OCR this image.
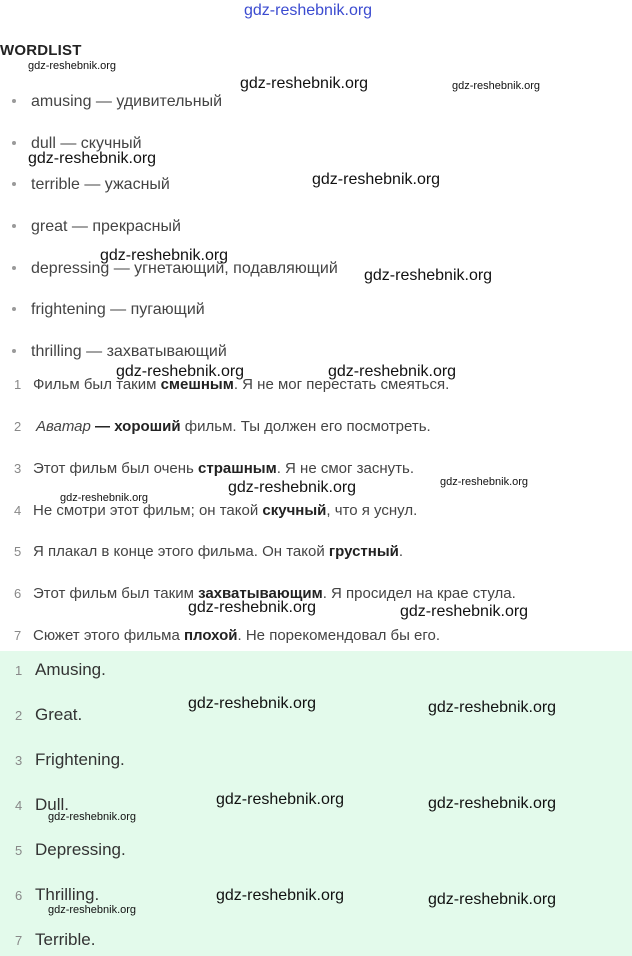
gdz-reshebnik.org
WORDLIST
amusing — удивительный
dull — скучный
terrible — ужасный
great — прекрасный
depressing — угнетающий, подавляющий
frightening — пугающий
thrilling — захватывающий
1 Фильм был таким смешным. Я не мог перестать смеяться.
2 Аватар — хороший фильм. Ты должен его посмотреть.
3 Этот фильм был очень страшным. Я не смог заснуть.
4 Не смотри этот фильм; он такой скучный, что я уснул.
5 Я плакал в конце этого фильма. Он такой грустный.
6 Этот фильм был таким захватывающим. Я просидел на крае стула.
7 Сюжет этого фильма плохой. Не порекомендовал бы его.
1 Amusing.
2 Great.
3 Frightening.
4 Dull.
5 Depressing.
6 Thrilling.
7 Terrible.
gdz-reshebnik.org
gdz-reshebnik.org	gdz-reshebnik.org
gdz-reshebnik.org
gdz-reshebnik.org
gdz-reshebnik.org
gdz-reshebnik.org
gdz-reshebnik.org	gdz-reshebnik.org
gdz-reshebnik.org
gdz-reshebnik.org
gdz-reshebnik.org
gdz-reshebnik.org	gdz-reshebnik.org
gdz-reshebnik.org	gdz-reshebnik.org
gdz-reshebnik.org	gdz-reshebnik.org
gdz-reshebnik.org
gdz-reshebnik.org	gdz-reshebnik.org
gdz-reshebnik.org
